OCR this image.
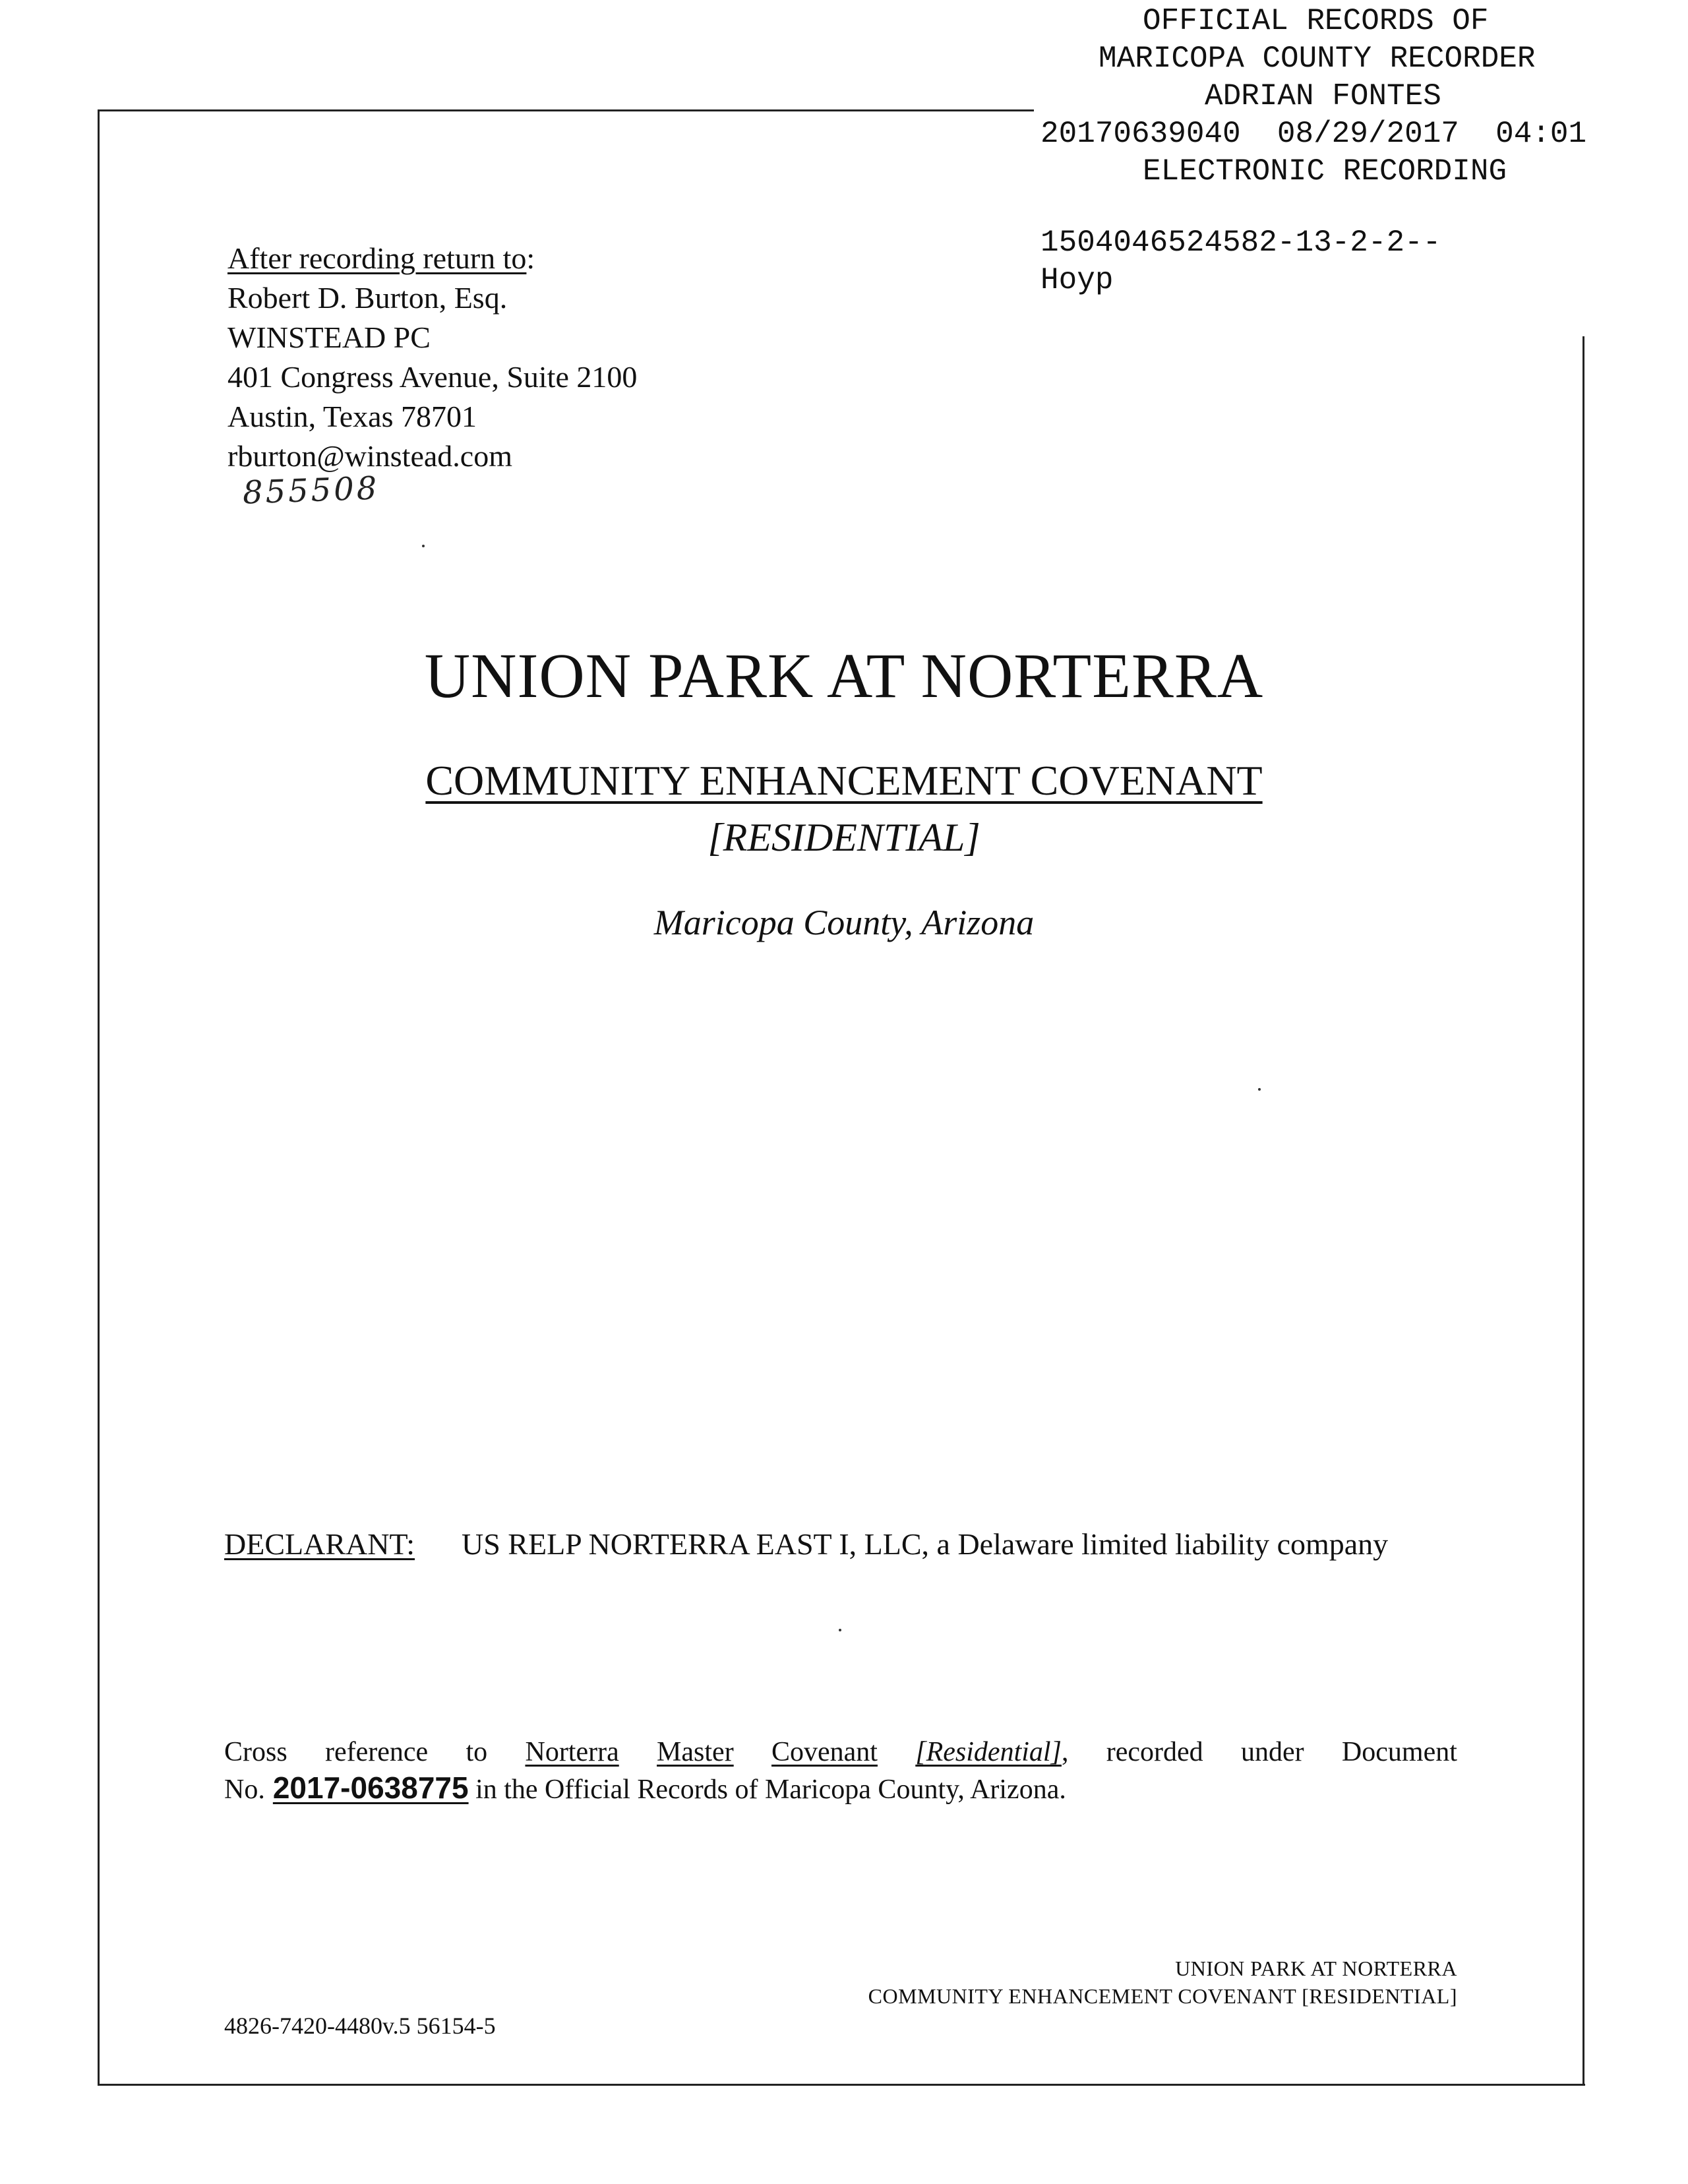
OFFICIAL RECORDS OF

MARICOPA COUNTY RECORDER

ADRIAN FONTES

20170639040  08/29/2017  04:01

ELECTRONIC RECORDING

1504046524582-13-2-2--

Hoyp

After recording return to:
Robert D. Burton, Esq.
WINSTEAD PC
401 Congress Avenue, Suite 2100
Austin, Texas 78701
rburton@winstead.com
855508
UNION PARK AT NORTERRA
COMMUNITY ENHANCEMENT COVENANT
[RESIDENTIAL]
Maricopa County, Arizona
DECLARANT: US RELP NORTERRA EAST I, LLC, a Delaware limited liability company
Cross reference to Norterra Master Covenant [Residential], recorded under Document
No. 2017-0638775 in the Official Records of Maricopa County, Arizona.
UNION PARK AT NORTERRA
COMMUNITY ENHANCEMENT COVENANT [RESIDENTIAL]
4826-7420-4480v.5 56154-5
